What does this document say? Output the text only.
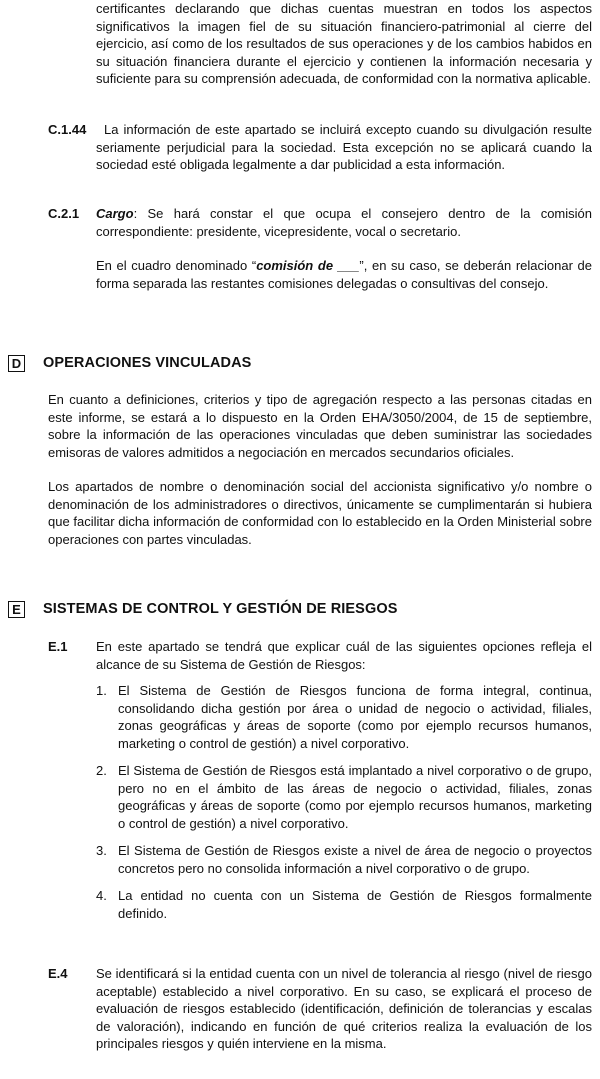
certificantes declarando que dichas cuentas muestran en todos los aspectos significativos la imagen fiel de su situación financiero-patrimonial al cierre del ejercicio, así como de los resultados de sus operaciones y de los cambios habidos en su situación financiera durante el ejercicio y contienen la información necesaria y suficiente para su comprensión adecuada, de conformidad con la normativa aplicable.

C.1.44	La información de este apartado se incluirá excepto cuando su divulgación resulte seriamente perjudicial para la sociedad. Esta excepción no se aplicará cuando la sociedad esté obligada legalmente a dar publicidad a esta información.

C.2.1 Cargo: Se hará constar el que ocupa el consejero dentro de la comisión correspondiente: presidente, vicepresidente, vocal o secretario.

En el cuadro denominado “comisión de ___”, en su caso, se deberán relacionar de forma separada las restantes comisiones delegadas o consultivas del consejo.

D OPERACIONES VINCULADAS

En cuanto a definiciones, criterios y tipo de agregación respecto a las personas citadas en este informe, se estará a lo dispuesto en la Orden EHA/3050/2004, de 15 de septiembre, sobre la información de las operaciones vinculadas que deben suministrar las sociedades emisoras de valores admitidos a negociación en mercados secundarios oficiales.

Los apartados de nombre o denominación social del accionista significativo y/o nombre o denominación de los administradores o directivos, únicamente se cumplimentarán si hubiera que facilitar dicha información de conformidad con lo establecido en la Orden Ministerial sobre operaciones con partes vinculadas.

E SISTEMAS DE CONTROL Y GESTIÓN DE RIESGOS
E.1 En este apartado se tendrá que explicar cuál de las siguientes opciones refleja el alcance de su Sistema de Gestión de Riesgos:

1. El Sistema de Gestión de Riesgos funciona de forma integral, continua, consolidando dicha gestión por área o unidad de negocio o actividad, filiales, zonas geográficas y áreas de soporte (como por ejemplo recursos humanos, marketing o control de gestión) a nivel corporativo.

2. El Sistema de Gestión de Riesgos está implantado a nivel corporativo o de grupo, pero no en el ámbito de las áreas de negocio o actividad, filiales, zonas geográficas y áreas de soporte (como por ejemplo recursos humanos, marketing o control de gestión) a nivel corporativo.

3. El Sistema de Gestión de Riesgos existe a nivel de área de negocio o proyectos concretos pero no consolida información a nivel corporativo o de grupo.

4. La entidad no cuenta con un Sistema de Gestión de Riesgos formalmente definido.

E.4 Se identificará si la entidad cuenta con un nivel de tolerancia al riesgo (nivel de riesgo aceptable) establecido a nivel corporativo. En su caso, se explicará el proceso de evaluación de riesgos establecido (identificación, definición de tolerancias y escalas de valoración), indicando en función de qué criterios realiza la evaluación de los principales riesgos y quién interviene en la misma.
